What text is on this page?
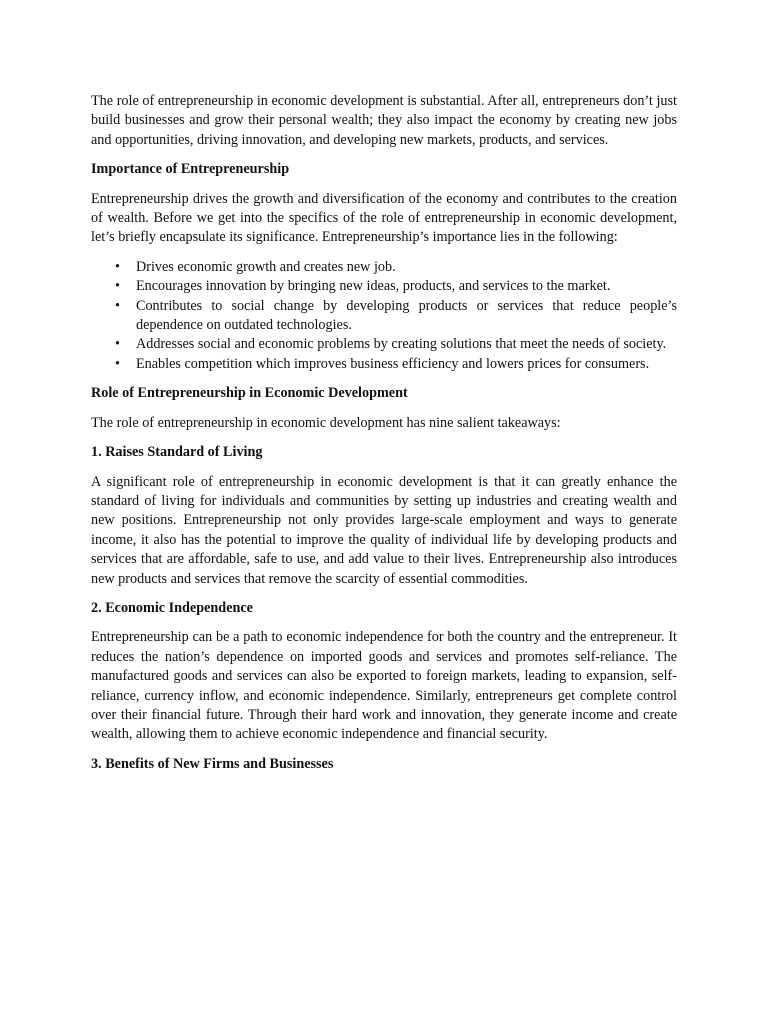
The role of entrepreneurship in economic development is substantial. After all, entrepreneurs don’t just build businesses and grow their personal wealth; they also impact the economy by creating new jobs and opportunities, driving innovation, and developing new markets, products, and services.

Importance of Entrepreneurship

Entrepreneurship drives the growth and diversification of the economy and contributes to the creation of wealth. Before we get into the specifics of the role of entrepreneurship in economic development, let’s briefly encapsulate its significance. Entrepreneurship’s importance lies in the following:

• Drives economic growth and creates new job.
• Encourages innovation by bringing new ideas, products, and services to the market.
• Contributes to social change by developing products or services that reduce people’s dependence on outdated technologies.
• Addresses social and economic problems by creating solutions that meet the needs of society.
• Enables competition which improves business efficiency and lowers prices for consumers.
Role of Entrepreneurship in Economic Development

The role of entrepreneurship in economic development has nine salient takeaways:

1. Raises Standard of Living

A significant role of entrepreneurship in economic development is that it can greatly enhance the standard of living for individuals and communities by setting up industries and creating wealth and new positions. Entrepreneurship not only provides large-scale employment and ways to generate income, it also has the potential to improve the quality of individual life by developing products and services that are affordable, safe to use, and add value to their lives. Entrepreneurship also introduces new products and services that remove the scarcity of essential commodities.

2. Economic Independence

Entrepreneurship can be a path to economic independence for both the country and the entrepreneur. It reduces the nation’s dependence on imported goods and services and promotes self-reliance. The manufactured goods and services can also be exported to foreign markets, leading to expansion, self-reliance, currency inflow, and economic independence. Similarly, entrepreneurs get complete control over their financial future. Through their hard work and innovation, they generate income and create wealth, allowing them to achieve economic independence and financial security.

3. Benefits of New Firms and Businesses
